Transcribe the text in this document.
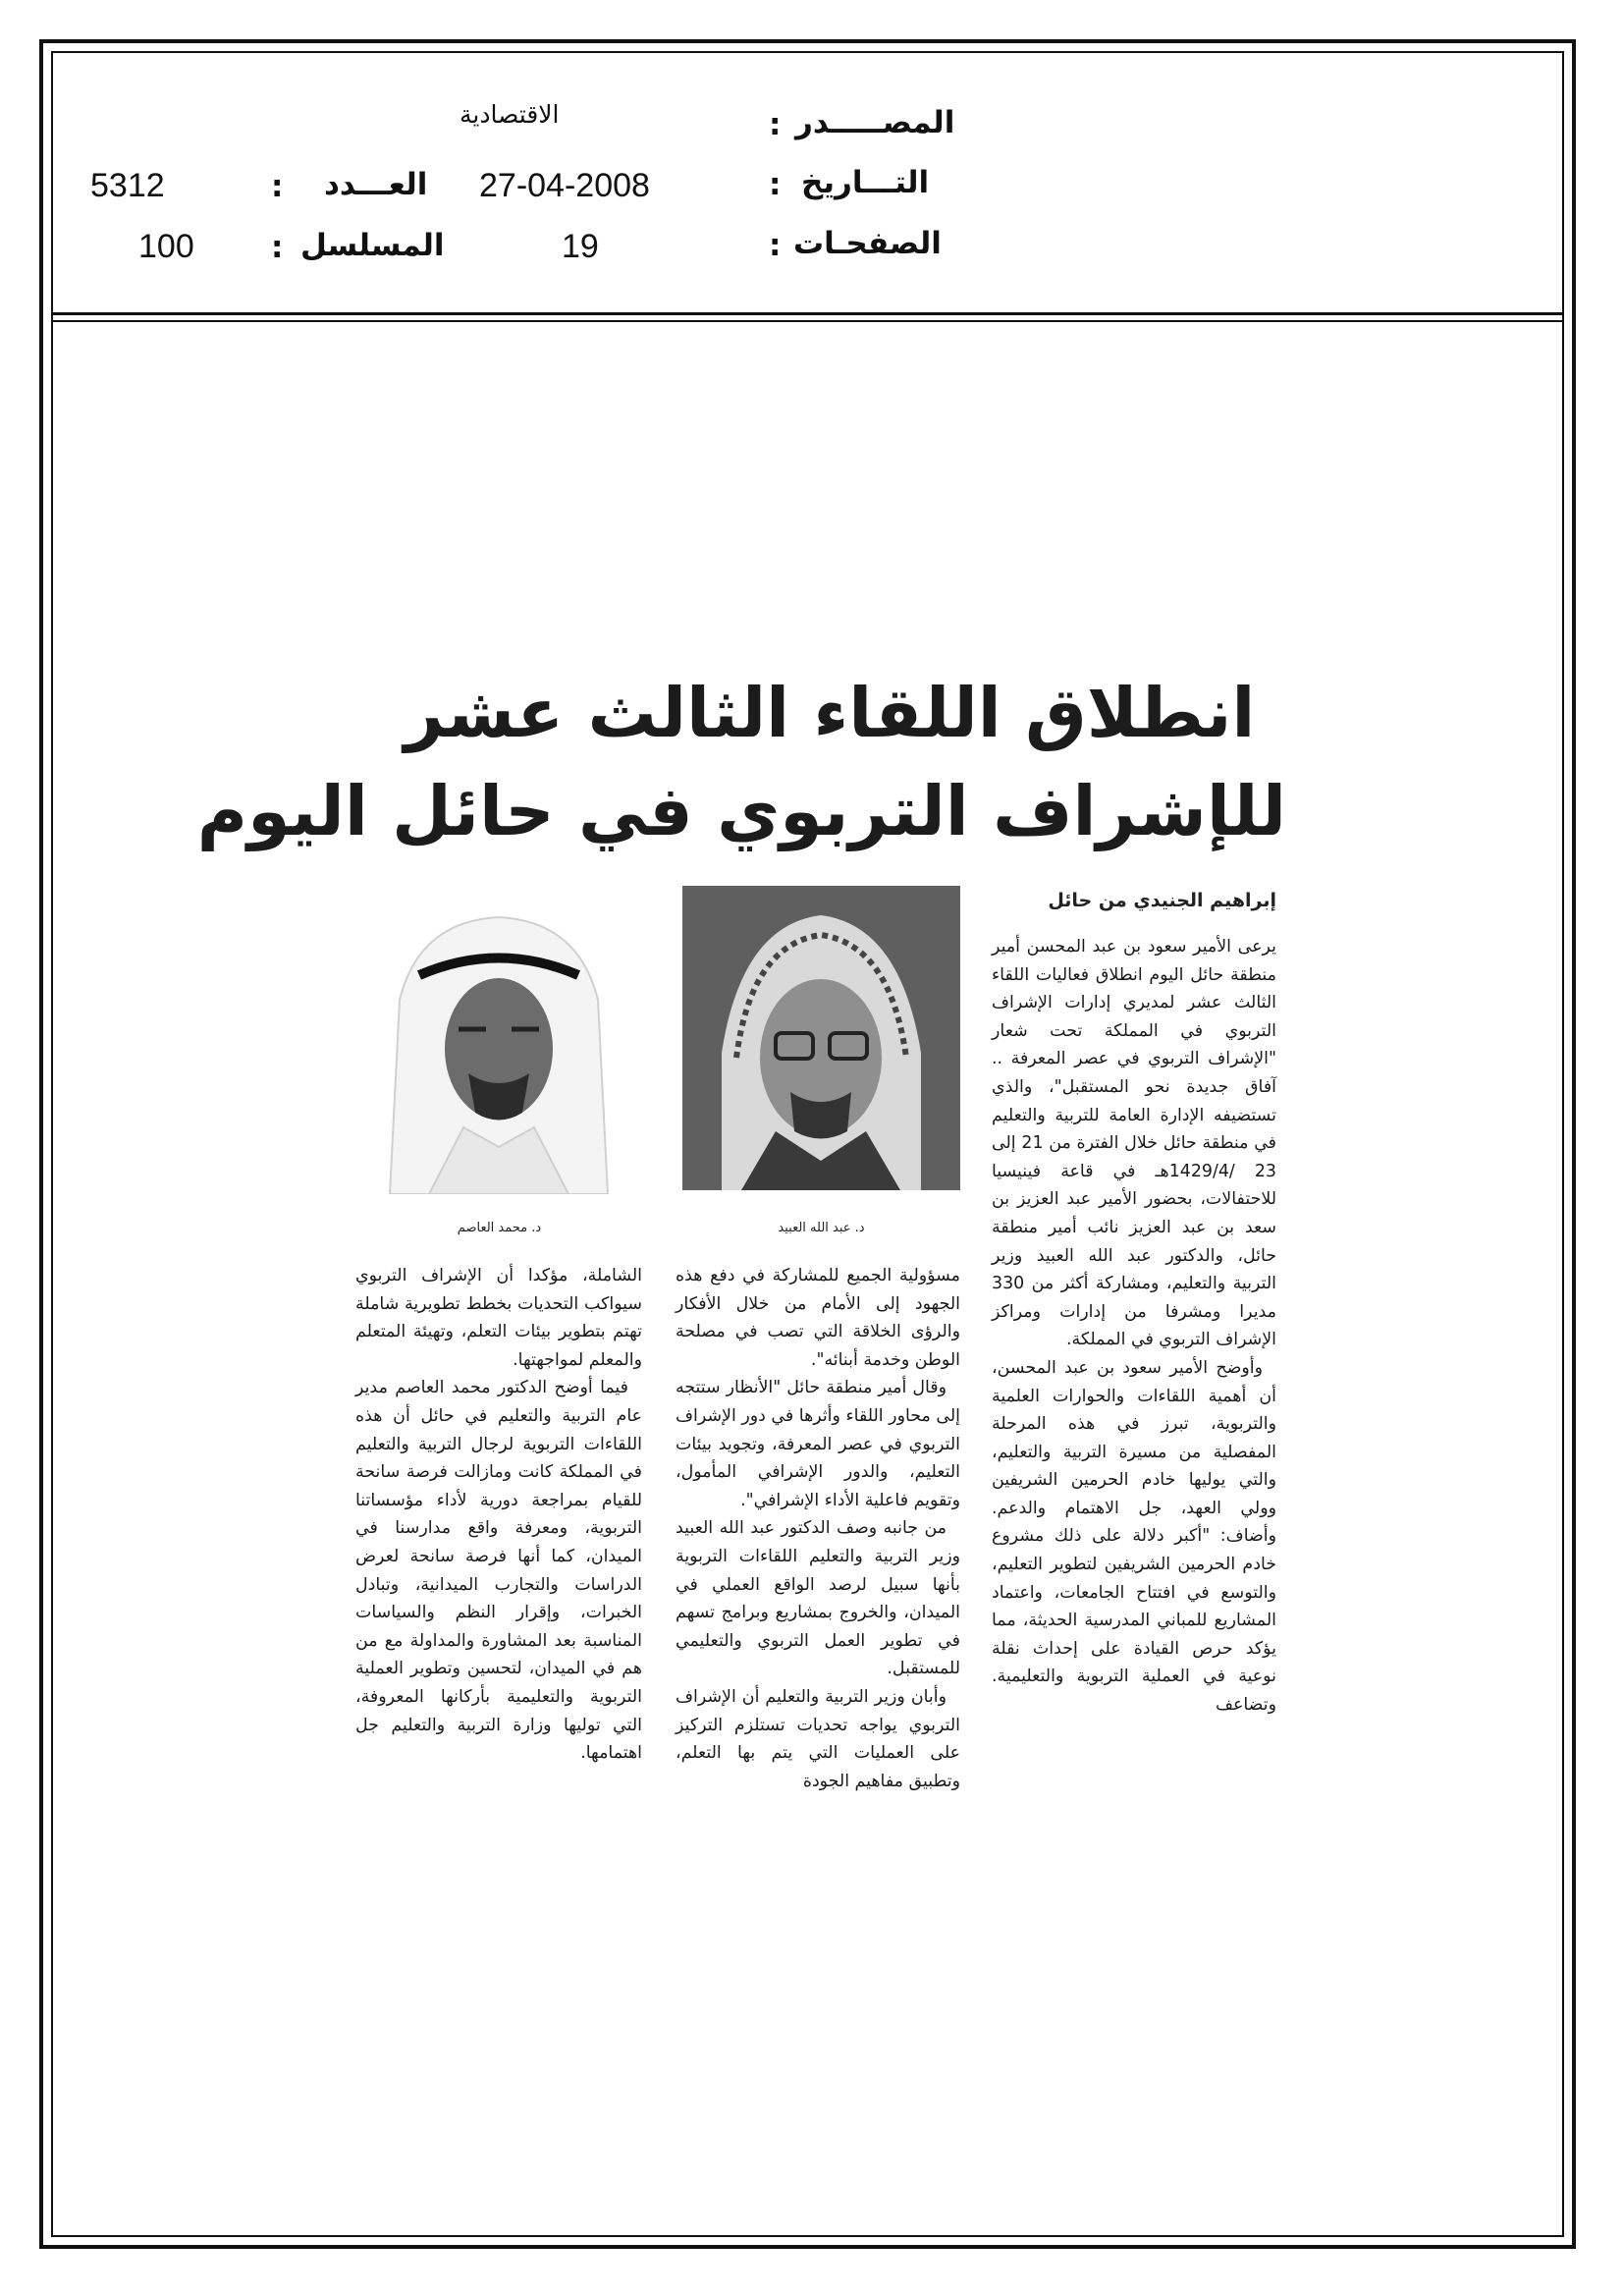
المصـــــدر
:
الاقتصادية
التـــاريخ
:
27-04-2008
العـــدد
:
5312
الصفحـات
:
19
المسلسل
:
100
انطلاق اللقاء الثالث عشر
للإشراف التربوي في حائل اليوم
إبراهيم الجنيدي من حائل
د. عبد الله العبيد
د. محمد العاصم

يرعى الأمير سعود بن عبد المحسن أمير منطقة حائل اليوم انطلاق فعاليات اللقاء الثالث عشر لمديري إدارات الإشراف التربوي في المملكة تحت شعار "الإشراف التربوي في عصر المعرفة .. آفاق جديدة نحو المستقبل"، والذي تستضيفه الإدارة العامة للتربية والتعليم في منطقة حائل خلال الفترة من 21 إلى 23 /1429/4هـ في قاعة فينيسيا للاحتفالات، بحضور الأمير عبد العزيز بن سعد بن عبد العزيز نائب أمير منطقة حائل، والدكتور عبد الله العبيد وزير التربية والتعليم، ومشاركة أكثر من 330 مديرا ومشرفا من إدارات ومراكز الإشراف التربوي في المملكة.

وأوضح الأمير سعود بن عبد المحسن، أن أهمية اللقاءات والحوارات العلمية والتربوية، تبرز في هذه المرحلة المفصلية من مسيرة التربية والتعليم، والتي يوليها خادم الحرمين الشريفين وولي العهد، جل الاهتمام والدعم. وأضاف: "أكبر دلالة على ذلك مشروع خادم الحرمين الشريفين لتطوير التعليم، والتوسع في افتتاح الجامعات، واعتماد المشاريع للمباني المدرسية الحديثة، مما يؤكد حرص القيادة على إحداث نقلة نوعية في العملية التربوية والتعليمية. وتضاعف

مسؤولية الجميع للمشاركة في دفع هذه الجهود إلى الأمام من خلال الأفكار والرؤى الخلاقة التي تصب في مصلحة الوطن وخدمة أبنائه".

وقال أمير منطقة حائل "الأنظار ستتجه إلى محاور اللقاء وأثرها في دور الإشراف التربوي في عصر المعرفة، وتجويد بيئات التعليم، والدور الإشرافي المأمول، وتقويم فاعلية الأداء الإشرافي".

من جانبه وصف الدكتور عبد الله العبيد وزير التربية والتعليم اللقاءات التربوية بأنها سبيل لرصد الواقع العملي في الميدان، والخروج بمشاريع وبرامج تسهم في تطوير العمل التربوي والتعليمي للمستقبل.

وأبان وزير التربية والتعليم أن الإشراف التربوي يواجه تحديات تستلزم التركيز على العمليات التي يتم بها التعلم، وتطبيق مفاهيم الجودة

الشاملة، مؤكدا أن الإشراف التربوي سيواكب التحديات بخطط تطويرية شاملة تهتم بتطوير بيئات التعلم، وتهيئة المتعلم والمعلم لمواجهتها.

فيما أوضح الدكتور محمد العاصم مدير عام التربية والتعليم في حائل أن هذه اللقاءات التربوية لرجال التربية والتعليم في المملكة كانت ومازالت فرصة سانحة للقيام بمراجعة دورية لأداء مؤسساتنا التربوية، ومعرفة واقع مدارسنا في الميدان، كما أنها فرصة سانحة لعرض الدراسات والتجارب الميدانية، وتبادل الخبرات، وإقرار النظم والسياسات المناسبة بعد المشاورة والمداولة مع من هم في الميدان، لتحسين وتطوير العملية التربوية والتعليمية بأركانها المعروفة، التي توليها وزارة التربية والتعليم جل اهتمامها.
